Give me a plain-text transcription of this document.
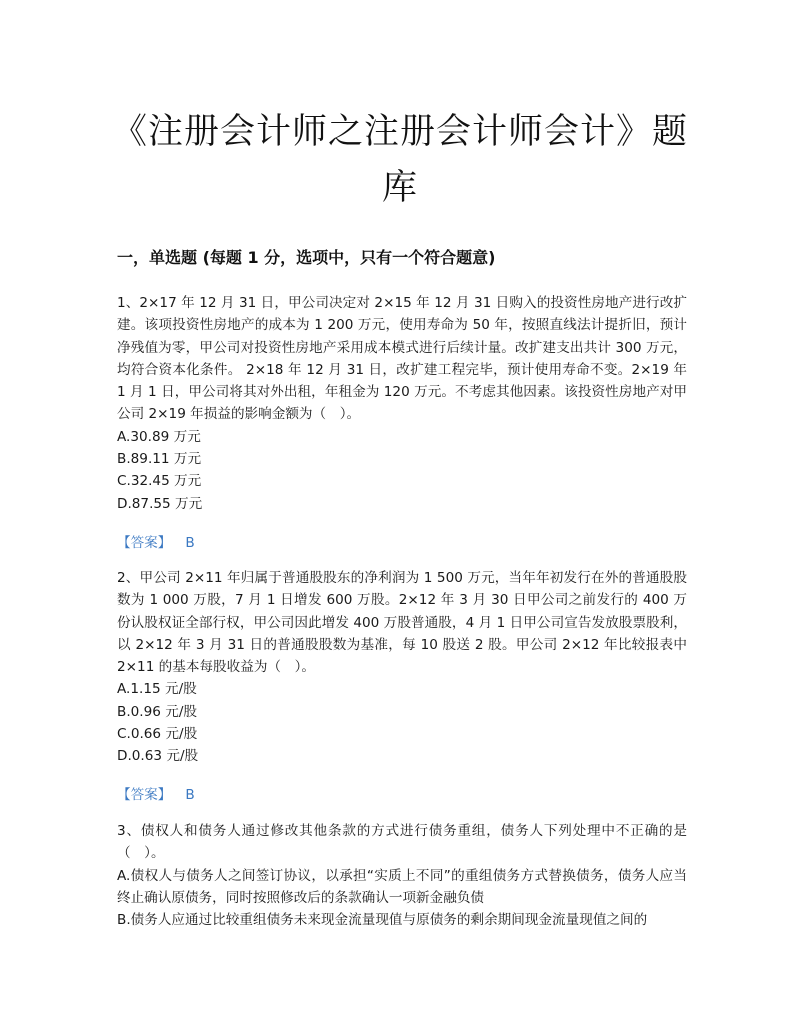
《注册会计师之注册会计师会计》题库
一，单选题 (每题 1 分，选项中，只有一个符合题意)

1、2×17 年 12 月 31 日，甲公司决定对 2×15 年 12 月 31 日购入的投资性房地产进行改扩建。该项投资性房地产的成本为 1 200 万元，使用寿命为 50 年，按照直线法计提折旧，预计净残值为零，甲公司对投资性房地产采用成本模式进行后续计量。改扩建支出共计 300 万元，均符合资本化条件。 2×18 年 12 月 31 日，改扩建工程完毕，预计使用寿命不变。2×19 年 1 月 1 日，甲公司将其对外出租，年租金为 120 万元。不考虑其他因素。该投资性房地产对甲公司 2×19 年损益的影响金额为（　）。

A.30.89 万元

B.89.11 万元

C.32.45 万元

D.87.55 万元

【答案】 B

2、甲公司 2×11 年归属于普通股股东的净利润为 1 500 万元，当年年初发行在外的普通股股数为 1 000 万股，7 月 1 日增发 600 万股。2×12 年 3 月 30 日甲公司之前发行的 400 万份认股权证全部行权，甲公司因此增发 400 万股普通股，4 月 1 日甲公司宣告发放股票股利，以 2×12 年 3 月 31 日的普通股股数为基准，每 10 股送 2 股。甲公司 2×12 年比较报表中 2×11 的基本每股收益为（　）。

A.1.15 元/股

B.0.96 元/股

C.0.66 元/股

D.0.63 元/股

【答案】 B

3、债权人和债务人通过修改其他条款的方式进行债务重组，债务人下列处理中不正确的是（　）。

A.债权人与债务人之间签订协议，以承担“实质上不同”的重组债务方式替换债务，债务人应当终止确认原债务，同时按照修改后的条款确认一项新金融负债

B.债务人应通过比较重组债务未来现金流量现值与原债务的剩余期间现金流量现值之间的
